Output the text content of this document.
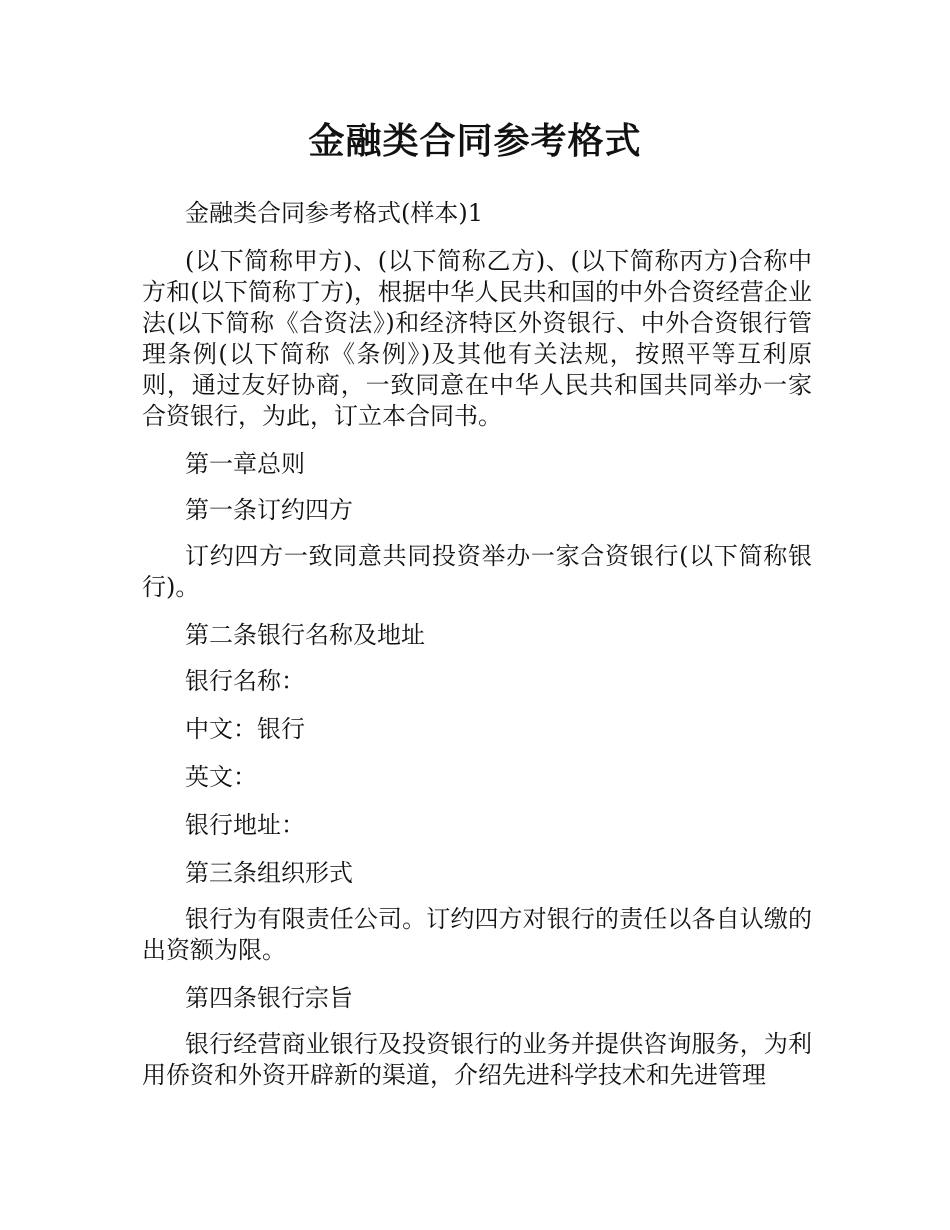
金融类合同参考格式

金融类合同参考格式(样本)1

(以下简称甲方)、(以下简称乙方)、(以下简称丙方)合称中方和(以下简称丁方)，根据中华人民共和国的中外合资经营企业法(以下简称《合资法》)和经济特区外资银行、中外合资银行管理条例(以下简称《条例》)及其他有关法规，按照平等互利原则，通过友好协商，一致同意在中华人民共和国共同举办一家合资银行，为此，订立本合同书。

第一章总则

第一条订约四方

订约四方一致同意共同投资举办一家合资银行(以下简称银行)。

第二条银行名称及地址

银行名称：

中文：银行

英文：

银行地址：

第三条组织形式

银行为有限责任公司。订约四方对银行的责任以各自认缴的出资额为限。

第四条银行宗旨

银行经营商业银行及投资银行的业务并提供咨询服务，为利用侨资和外资开辟新的渠道，介绍先进科学技术和先进管理
